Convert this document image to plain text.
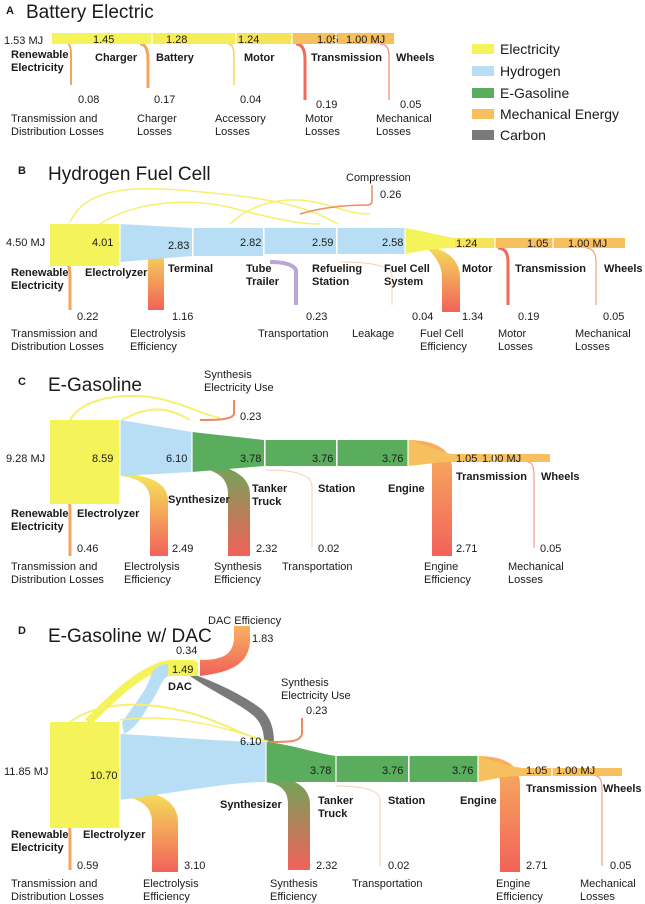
Electricity
Hydrogen
E-Gasoline
Mechanical Energy
Carbon
A Battery Electric
1.53 MJ	1.45	1.28	1.24	1.05 1.00 MJ
Renewable Electricity
Charger Battery	Motor	Transmission Wheels
0.08	0.17	0.04	0.19	0.05
Transmission and Distribution Losses
Charger Losses
Accessory Losses
Motor Losses
Mechanical Losses
B Hydrogen Fuel Cell
4.50 MJ
Compression
0.26
4.01	2.83	2.82	2.59	2.58	1.24	1.05 1.00 MJ
Renewable Electricity
Electrolyzer Terminal	Tube Trailer
Refueling Station
Fuel Cell System
Motor Transmission Wheels
0.22	1.16	0.23	0.04	1.34	0.19	0.05
Transmission and Distribution Losses
Electrolysis Efficiency
Transportation Leakage Fuel Cell Efficiency
Motor Losses
Mechanical Losses
C E-Gasoline
9.28 MJ
Synthesis Electricity Use
0.23
8.59	6.10	3.78	3.76	3.76	1.05 1.00 MJ
Renewable Electricity
Electrolyzer
Synthesizer
Tanker Truck
Station	Engine
Transmission Wheels
0.46	2.49	2.32	0.02	2.71	0.05
Transmission and Distribution Losses
Electrolysis Efficiency
Synthesis Efficiency
Transportation	Engine Efficiency
Mechanical Losses
D E-Gasoline w/ DAC
11.85 MJ
DAC Efficiency
1.83
0.34
1.49
DAC	Synthesis Electricity Use
0.23
10.70
6.10
3.78	3.76	3.76	1.05 1.00 MJ
Renewable Electricity
Electrolyzer
Synthesizer	Tanker Truck
Station	Engine
Transmission Wheels
0.59	3.10	2.32	0.02	2.71	0.05
Transmission and Distribution Losses
Electrolysis Efficiency
Synthesis Efficiency
Transportation	Engine Efficiency
Mechanical Losses
